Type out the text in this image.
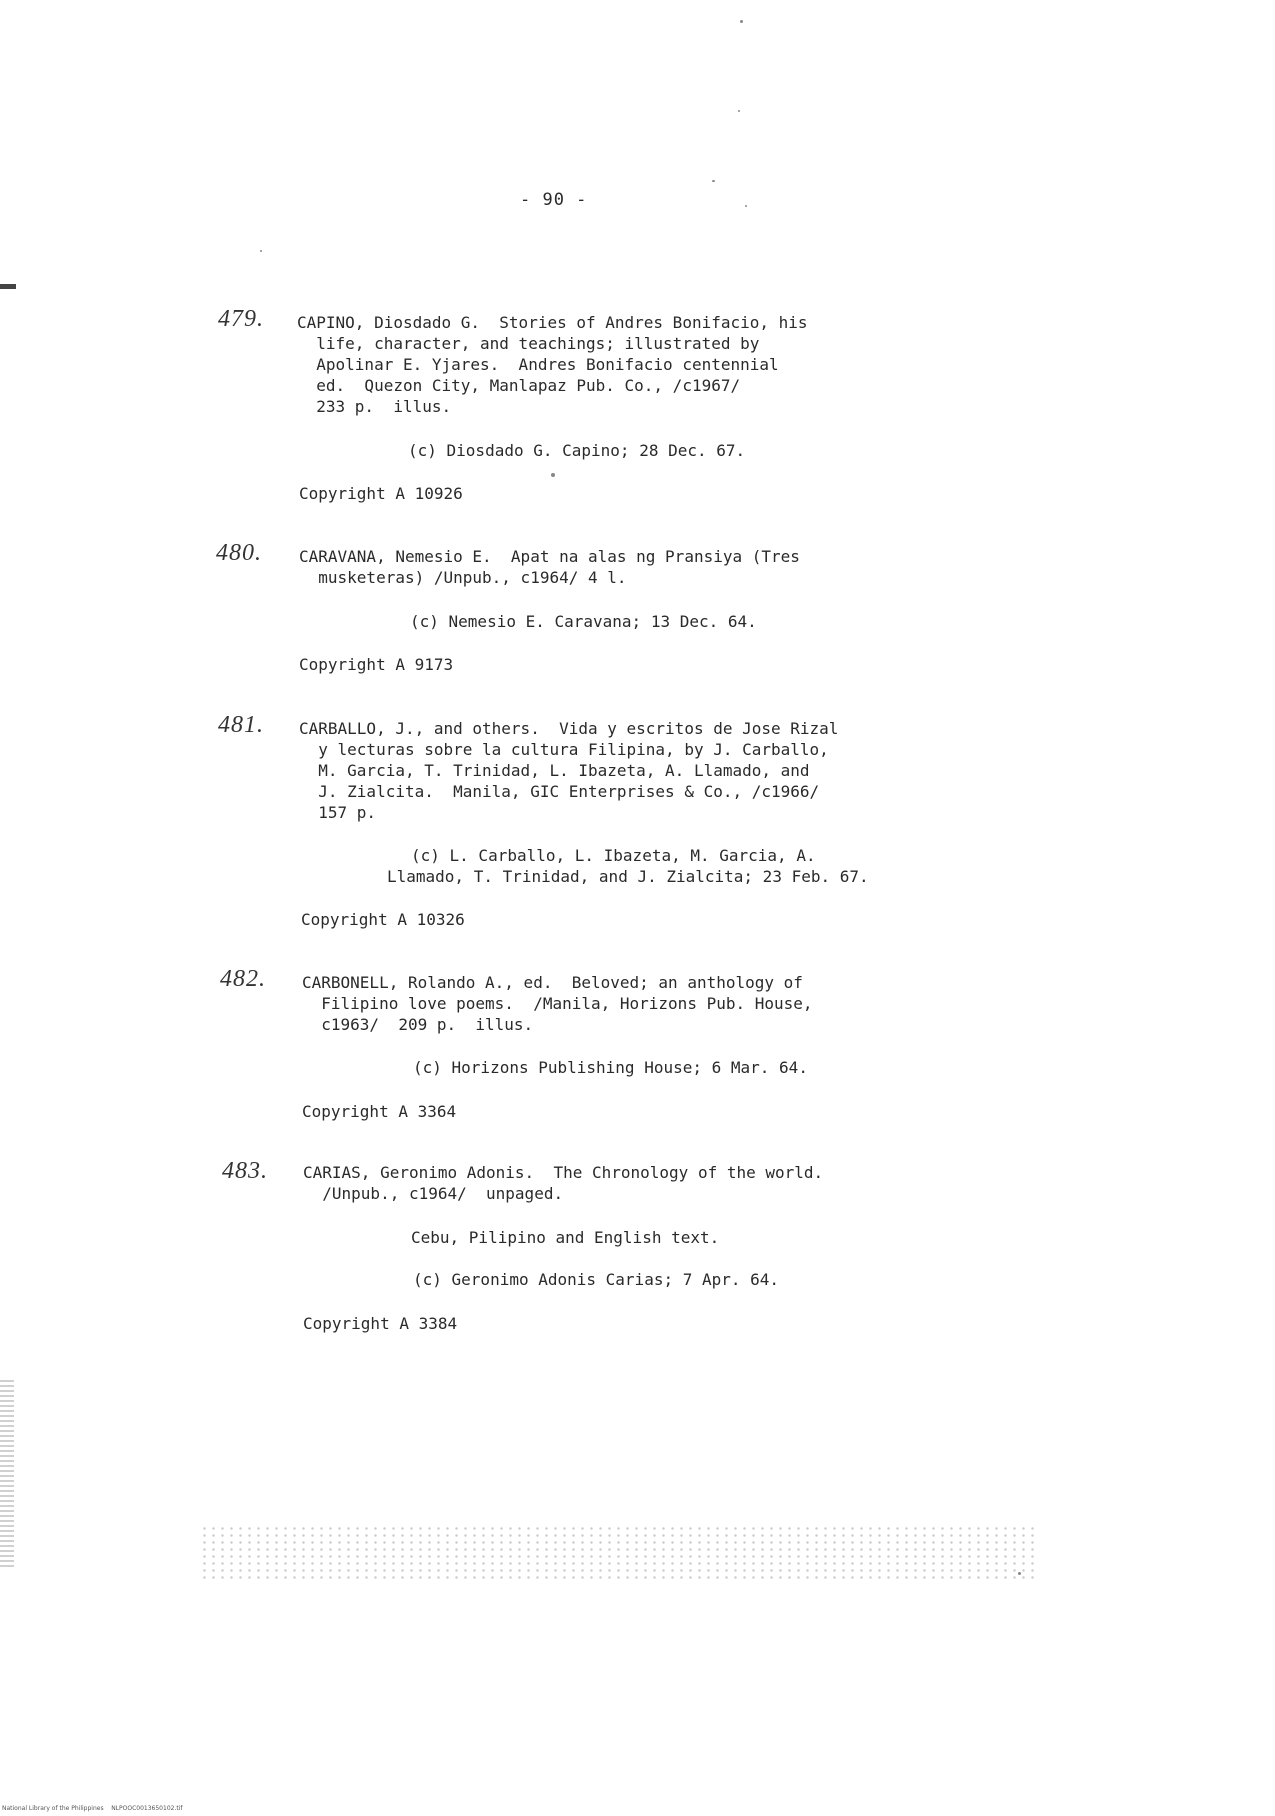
- 90 -
479. CAPINO, Diosdado G.  Stories of Andres Bonifacio, his
life, character, and teachings; illustrated by
Apolinar E. Yjares.  Andres Bonifacio centennial
ed.  Quezon City, Manlapaz Pub. Co., /c1967/
233 p.  illus.
(c) Diosdado G. Capino; 28 Dec. 67.
Copyright A 10926
480. CARAVANA, Nemesio E.  Apat na alas ng Pransiya (Tres
musketeras) /Unpub., c1964/ 4 l.
(c) Nemesio E. Caravana; 13 Dec. 64.
Copyright A 9173
481. CARBALLO, J., and others.  Vida y escritos de Jose Rizal
y lecturas sobre la cultura Filipina, by J. Carballo,
M. Garcia, T. Trinidad, L. Ibazeta, A. Llamado, and
J. Zialcita.  Manila, GIC Enterprises & Co., /c1966/
157 p.
(c) L. Carballo, L. Ibazeta, M. Garcia, A.
Llamado, T. Trinidad, and J. Zialcita; 23 Feb. 67.
Copyright A 10326
482. CARBONELL, Rolando A., ed.  Beloved; an anthology of
Filipino love poems.  /Manila, Horizons Pub. House,
c1963/  209 p.  illus.
(c) Horizons Publishing House; 6 Mar. 64.
Copyright A 3364
483. CARIAS, Geronimo Adonis.  The Chronology of the world.
/Unpub., c1964/  unpaged.
Cebu, Pilipino and English text.
(c) Geronimo Adonis Carias; 7 Apr. 64.
Copyright A 3384
National Library of the Philippines    NLPOOC0013650102.tif
